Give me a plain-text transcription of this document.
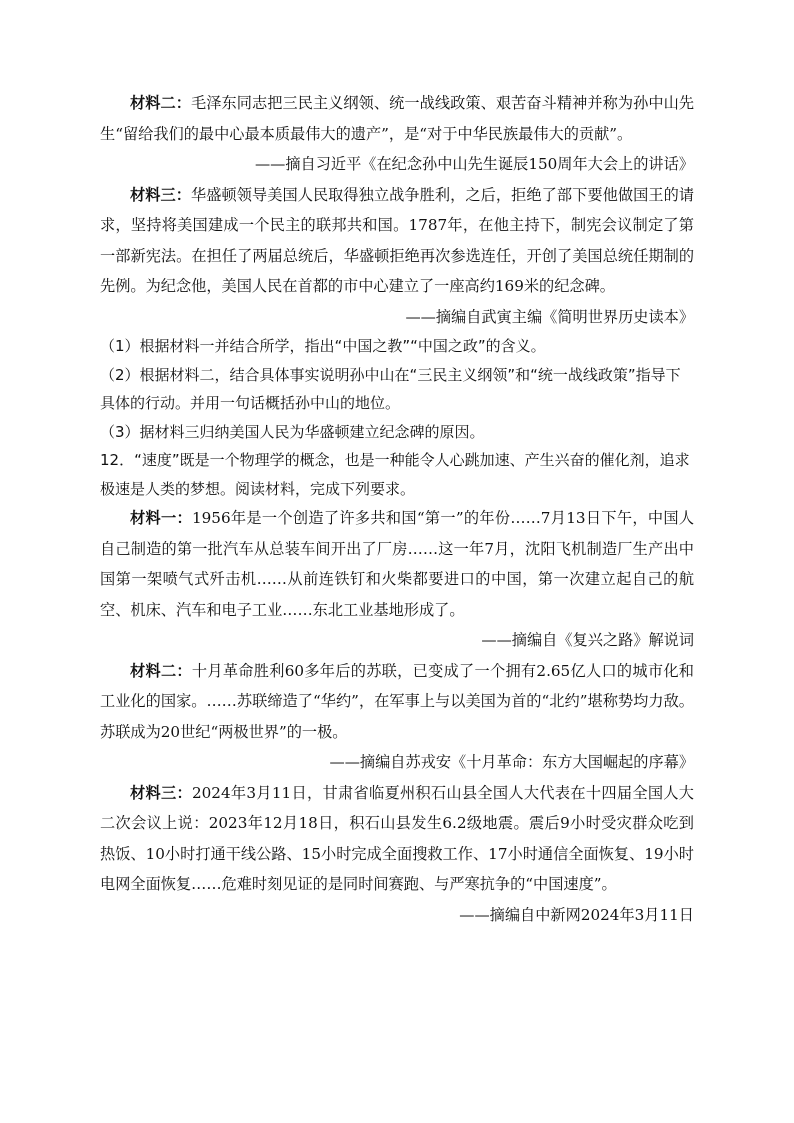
材料二：毛泽东同志把三民主义纲领、统一战线政策、艰苦奋斗精神并称为孙中山先生“留给我们的最中心最本质最伟大的遗产”，是“对于中华民族最伟大的贡献”。

——摘自习近平《在纪念孙中山先生诞辰150周年大会上的讲话》

材料三：华盛顿领导美国人民取得独立战争胜利，之后，拒绝了部下要他做国王的请求，坚持将美国建成一个民主的联邦共和国。1787年，在他主持下，制宪会议制定了第一部新宪法。在担任了两届总统后，华盛顿拒绝再次参选连任，开创了美国总统任期制的先例。为纪念他，美国人民在首都的市中心建立了一座高约169米的纪念碑。

——摘编自武寅主编《简明世界历史读本》

（1）根据材料一并结合所学，指出“中国之教”“中国之政”的含义。

（2）根据材料二，结合具体事实说明孙中山在“三民主义纲领”和“统一战线政策”指导下具体的行动。并用一句话概括孙中山的地位。

（3）据材料三归纳美国人民为华盛顿建立纪念碑的原因。

12．“速度”既是一个物理学的概念，也是一种能令人心跳加速、产生兴奋的催化剂，追求极速是人类的梦想。阅读材料，完成下列要求。

材料一：1956年是一个创造了许多共和国“第一”的年份……7月13日下午，中国人自己制造的第一批汽车从总装车间开出了厂房……这一年7月，沈阳飞机制造厂生产出中国第一架喷气式歼击机……从前连铁钉和火柴都要进口的中国，第一次建立起自己的航空、机床、汽车和电子工业……东北工业基地形成了。

——摘编自《复兴之路》解说词

材料二：十月革命胜利60多年后的苏联，已变成了一个拥有2.65亿人口的城市化和工业化的国家。……苏联缔造了“华约”，在军事上与以美国为首的“北约”堪称势均力敌。苏联成为20世纪“两极世界”的一极。

——摘编自苏戎安《十月革命：东方大国崛起的序幕》

材料三：2024年3月11日，甘肃省临夏州积石山县全国人大代表在十四届全国人大二次会议上说：2023年12月18日，积石山县发生6.2级地震。震后9小时受灾群众吃到热饭、10小时打通干线公路、15小时完成全面搜救工作、17小时通信全面恢复、19小时电网全面恢复……危难时刻见证的是同时间赛跑、与严寒抗争的“中国速度”。

——摘编自中新网2024年3月11日
